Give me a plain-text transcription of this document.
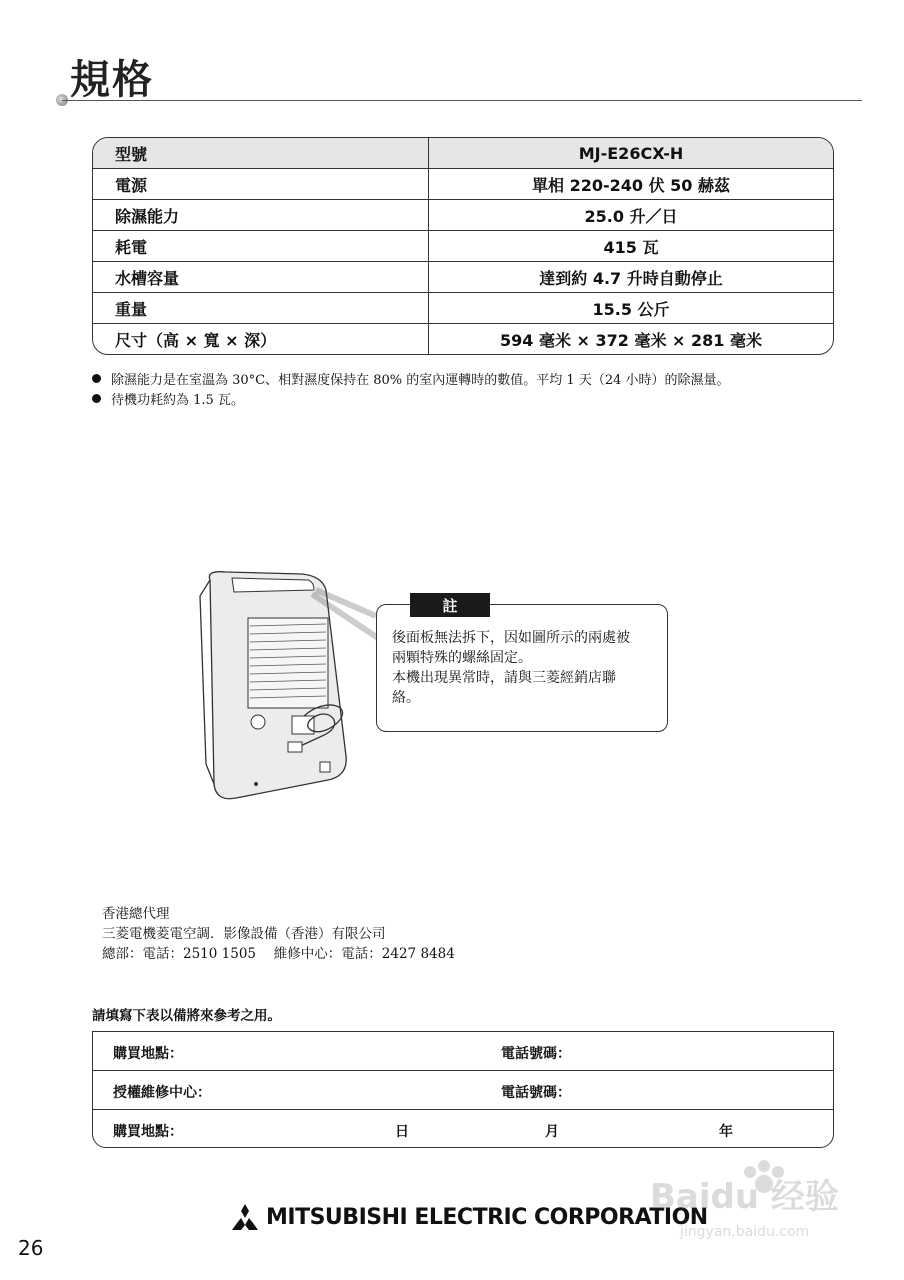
規格
型號	MJ-E26CX-H
電源	單相 220-240 伏 50 赫茲
除濕能力	25.0 升／日
耗電	415 瓦
水槽容量	達到約 4.7 升時自動停止
重量	15.5 公斤
尺寸（高 × 寬 × 深）	594 毫米 × 372 毫米 × 281 毫米
除濕能力是在室溫為 30°C、相對濕度保持在 80% 的室內運轉時的數值。平均 1 天（24 小時）的除濕量。
待機功耗約為 1.5 瓦。
註
後面板無法拆下，因如圖所示的兩處被
兩顆特殊的螺絲固定。
本機出現異常時，請與三菱經銷店聯
絡。
香港總代理
三菱電機菱電空調．影像設備（香港）有限公司
總部：電話：2510 1505　 維修中心：電話：2427 8484
請填寫下表以備將來參考之用。
購買地點：	電話號碼：
授權維修中心：	電話號碼：
購買地點：	日	月	年
MITSUBISHI ELECTRIC CORPORATION
26
Baidu 经验
jingyan.baidu.com
